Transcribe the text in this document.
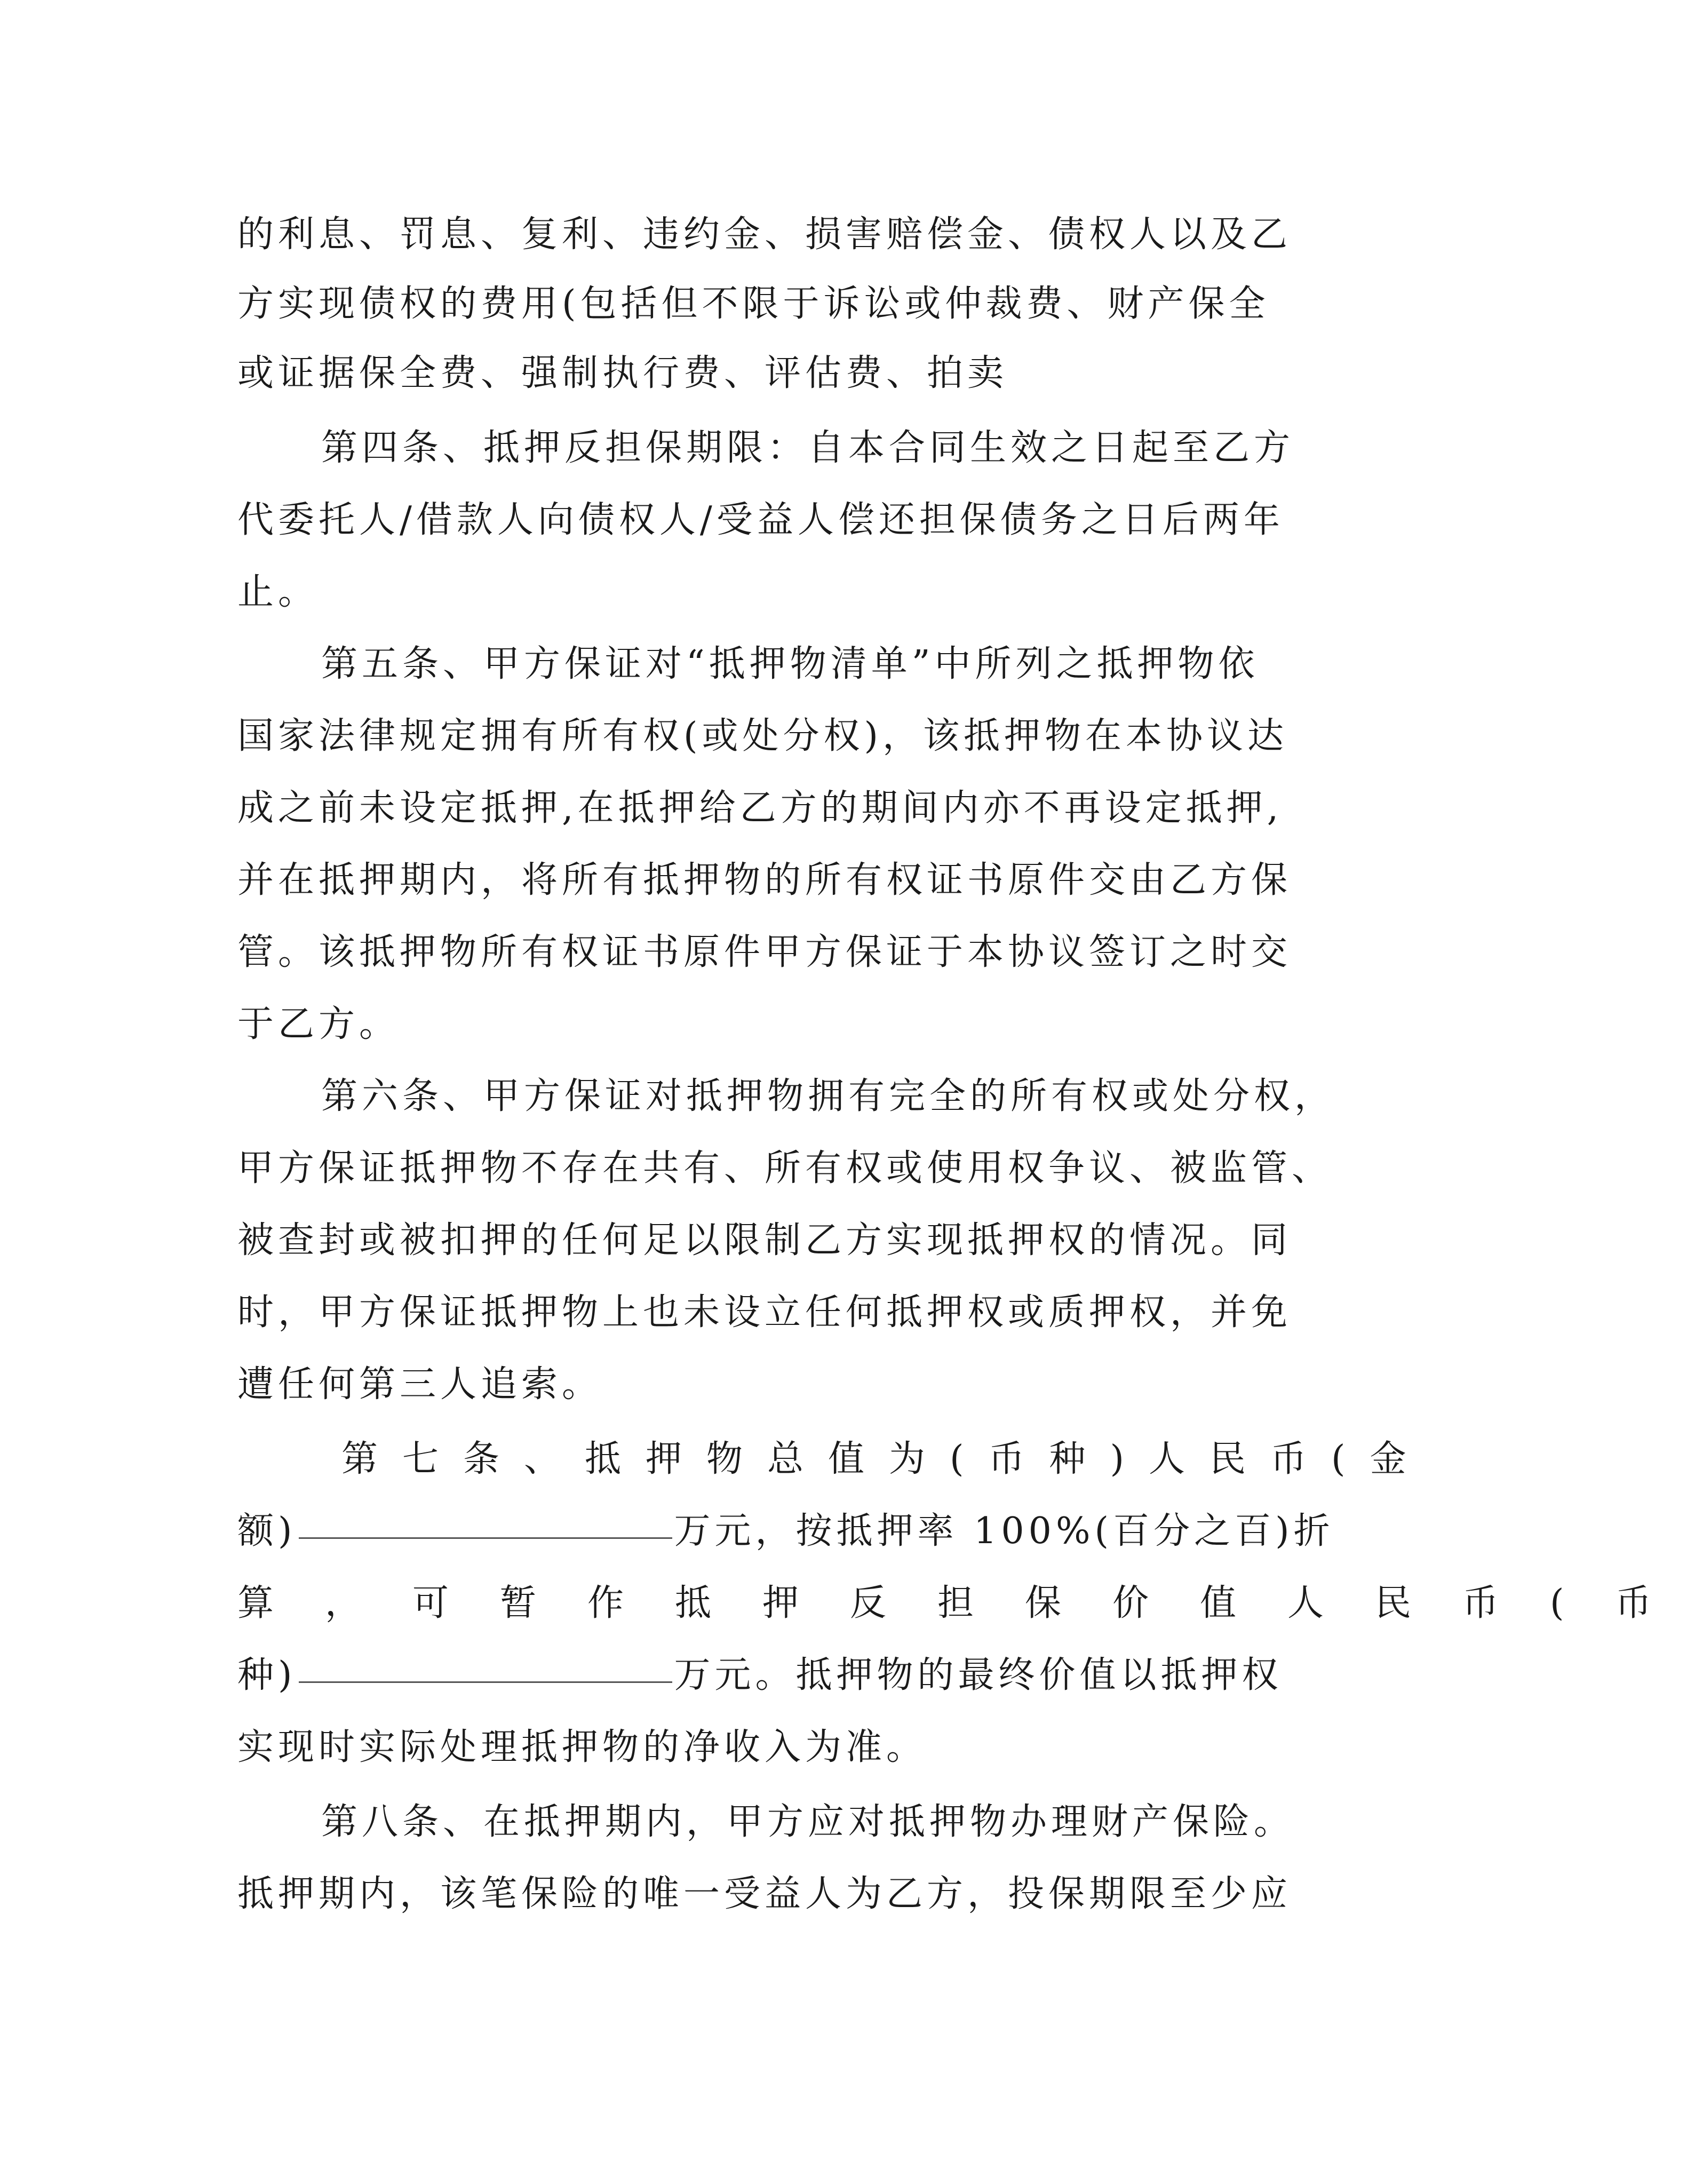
的利息、罚息、复利、违约金、损害赔偿金、债权人以及乙
方实现债权的费用(包括但不限于诉讼或仲裁费、财产保全
或证据保全费、强制执行费、评估费、拍卖
第四条、抵押反担保期限：自本合同生效之日起至乙方
代委托人/借款人向债权人/受益人偿还担保债务之日后两年
止。
第五条、甲方保证对“抵押物清单”中所列之抵押物依
国家法律规定拥有所有权(或处分权)，该抵押物在本协议达
成之前未设定抵押,在抵押给乙方的期间内亦不再设定抵押,
并在抵押期内，将所有抵押物的所有权证书原件交由乙方保
管。该抵押物所有权证书原件甲方保证于本协议签订之时交
于乙方。
第六条、甲方保证对抵押物拥有完全的所有权或处分权，
甲方保证抵押物不存在共有、所有权或使用权争议、被监管、
被查封或被扣押的任何足以限制乙方实现抵押权的情况。同
时，甲方保证抵押物上也未设立任何抵押权或质押权，并免
遭任何第三人追索。
第七条、抵押物总值为(币种)人民币(金
额)	万元，按抵押率 100%(百分之百)折
算，可暂作抵押反担保价值人民币(币
种)	万元。抵押物的最终价值以抵押权
实现时实际处理抵押物的净收入为准。
第八条、在抵押期内，甲方应对抵押物办理财产保险。
抵押期内，该笔保险的唯一受益人为乙方，投保期限至少应
